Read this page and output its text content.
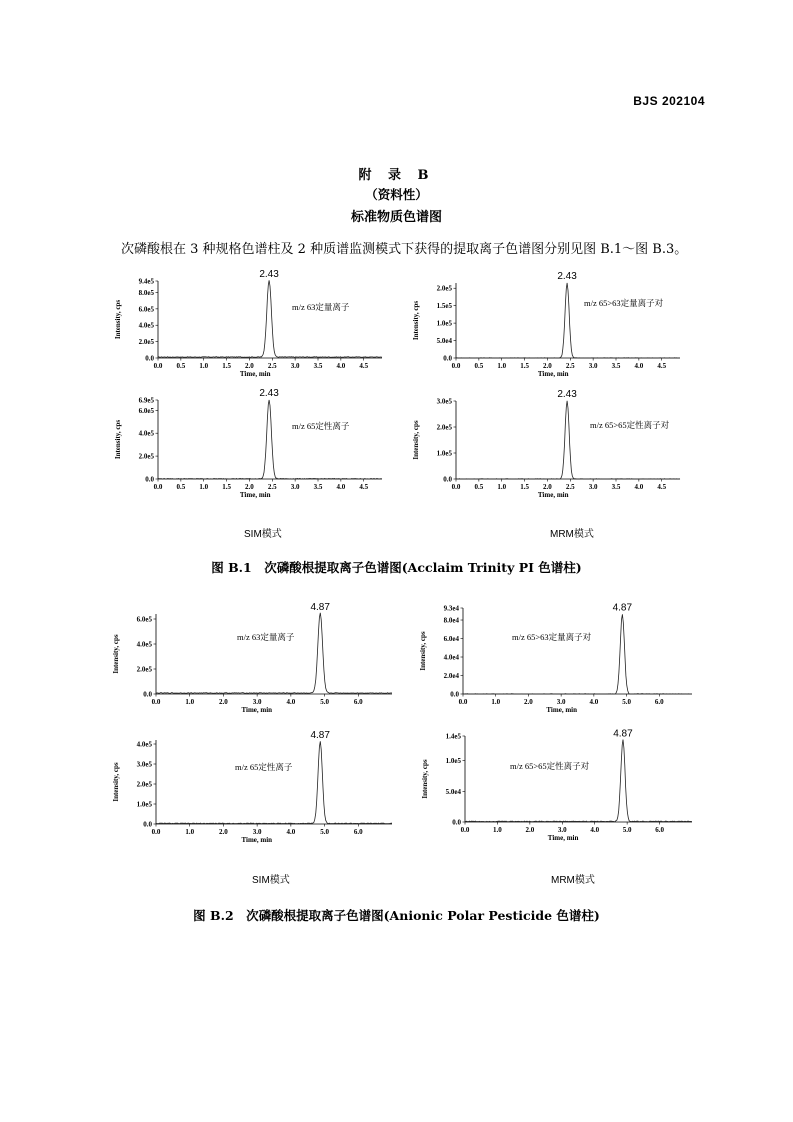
BJS 202104
附 录 B
（资料性）
标准物质色谱图
次磷酸根在 3 种规格色谱柱及 2 种质谱监测模式下获得的提取离子色谱图分别见图 B.1～图 B.3。
0.0 0.5 1.0 1.5 2.0 2.5 3.0 3.5 4.0 4.5
0.0
2.0e5
4.0e5
6.0e5
8.0e5
9.4e5
Time, min
Intensity, cps
2.43
m/z 63定量离子
0.0 0.5 1.0 1.5 2.0 2.5 3.0 3.5 4.0 4.5
0.0
5.0e4
1.0e5
1.5e5
2.0e5
Time, min
Intensity, cps
2.43
m/z 65>63定量离子对
0.0 0.5 1.0 1.5 2.0 2.5 3.0 3.5 4.0 4.5
0.0
2.0e5
4.0e5
6.0e5
6.9e5
Time, min
Intensity, cps
2.43
m/z 65定性离子
0.0 0.5 1.0 1.5 2.0 2.5 3.0 3.5 4.0 4.5
0.0
1.0e5
2.0e5
3.0e5
Time, min
Intensity, cps
2.43
m/z 65>65定性离子对
0.0	1.0	2.0	3.0	4.0	5.0	6.0
0.0
2.0e5
4.0e5
6.0e5
Time, min
Intensity, cps
4.87
m/z 63定量离子
0.0	1.0	2.0	3.0	4.0	5.0	6.0
0.0
2.0e4
4.0e4
6.0e4
8.0e4
9.3e4
Time, min
Intensity, cps
4.87
m/z 65>63定量离子对
0.0	1.0	2.0	3.0	4.0	5.0	6.0
0.0
1.0e5
2.0e5
3.0e5
4.0e5
Time, min
Intensity, cps
4.87
m/z 65定性离子
0.0	1.0	2.0	3.0	4.0	5.0	6.0
0.0
5.0e4
1.0e5
1.4e5
Time, min
Intensity, cps
4.87
m/z 65>65定性离子对
SIM模式	MRM模式
图 B.1　次磷酸根提取离子色谱图(Acclaim Trinity PI 色谱柱)
SIM模式	MRM模式
图 B.2　次磷酸根提取离子色谱图(Anionic Polar Pesticide 色谱柱)
